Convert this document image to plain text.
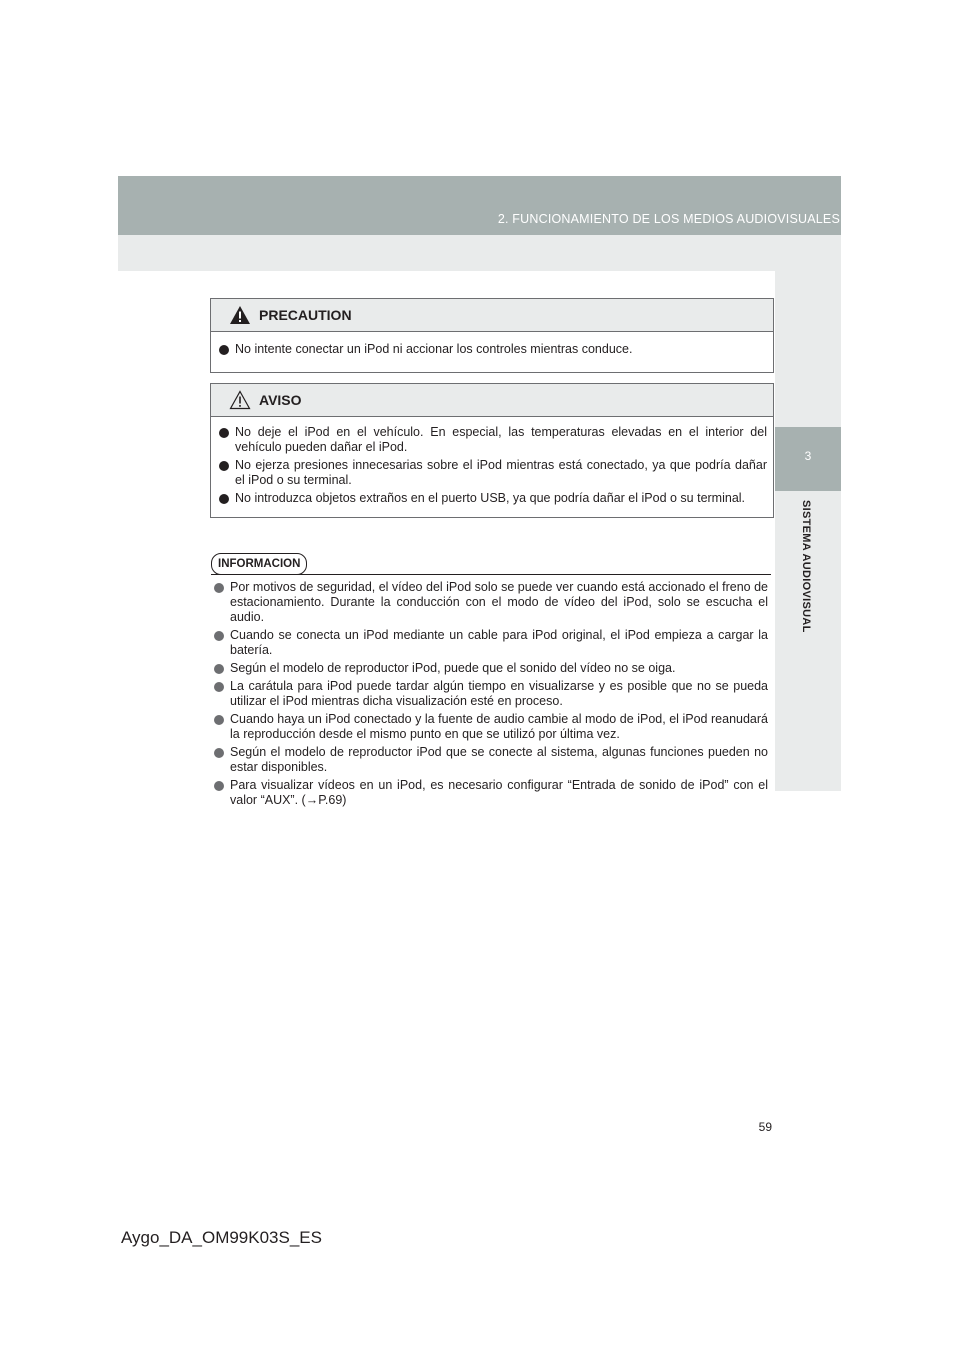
2. FUNCIONAMIENTO DE LOS MEDIOS AUDIOVISUALES
3
SISTEMA AUDIOVISUAL
PRECAUTION
No intente conectar un iPod ni accionar los controles mientras conduce.
AVISO
No deje el iPod en el vehículo. En especial, las temperaturas elevadas en el interior del vehículo pueden dañar el iPod.
No ejerza presiones innecesarias sobre el iPod mientras está conectado, ya que podría dañar el iPod o su terminal.
No introduzca objetos extraños en el puerto USB, ya que podría dañar el iPod o su terminal.
INFORMACION
Por motivos de seguridad, el vídeo del iPod solo se puede ver cuando está accionado el freno de estacionamiento. Durante la conducción con el modo de vídeo del iPod, solo se escucha el audio.
Cuando se conecta un iPod mediante un cable para iPod original, el iPod empieza a cargar la batería.
Según el modelo de reproductor iPod, puede que el sonido del vídeo no se oiga.
La carátula para iPod puede tardar algún tiempo en visualizarse y es posible que no se pueda utilizar el iPod mientras dicha visualización esté en proceso.
Cuando haya un iPod conectado y la fuente de audio cambie al modo de iPod, el iPod reanudará la reproducción desde el mismo punto en que se utilizó por última vez.
Según el modelo de reproductor iPod que se conecte al sistema, algunas funciones pueden no estar disponibles.
Para visualizar vídeos en un iPod, es necesario configurar “Entrada de sonido de iPod” con el valor “AUX”. (→P.69)
59
Aygo_DA_OM99K03S_ES
